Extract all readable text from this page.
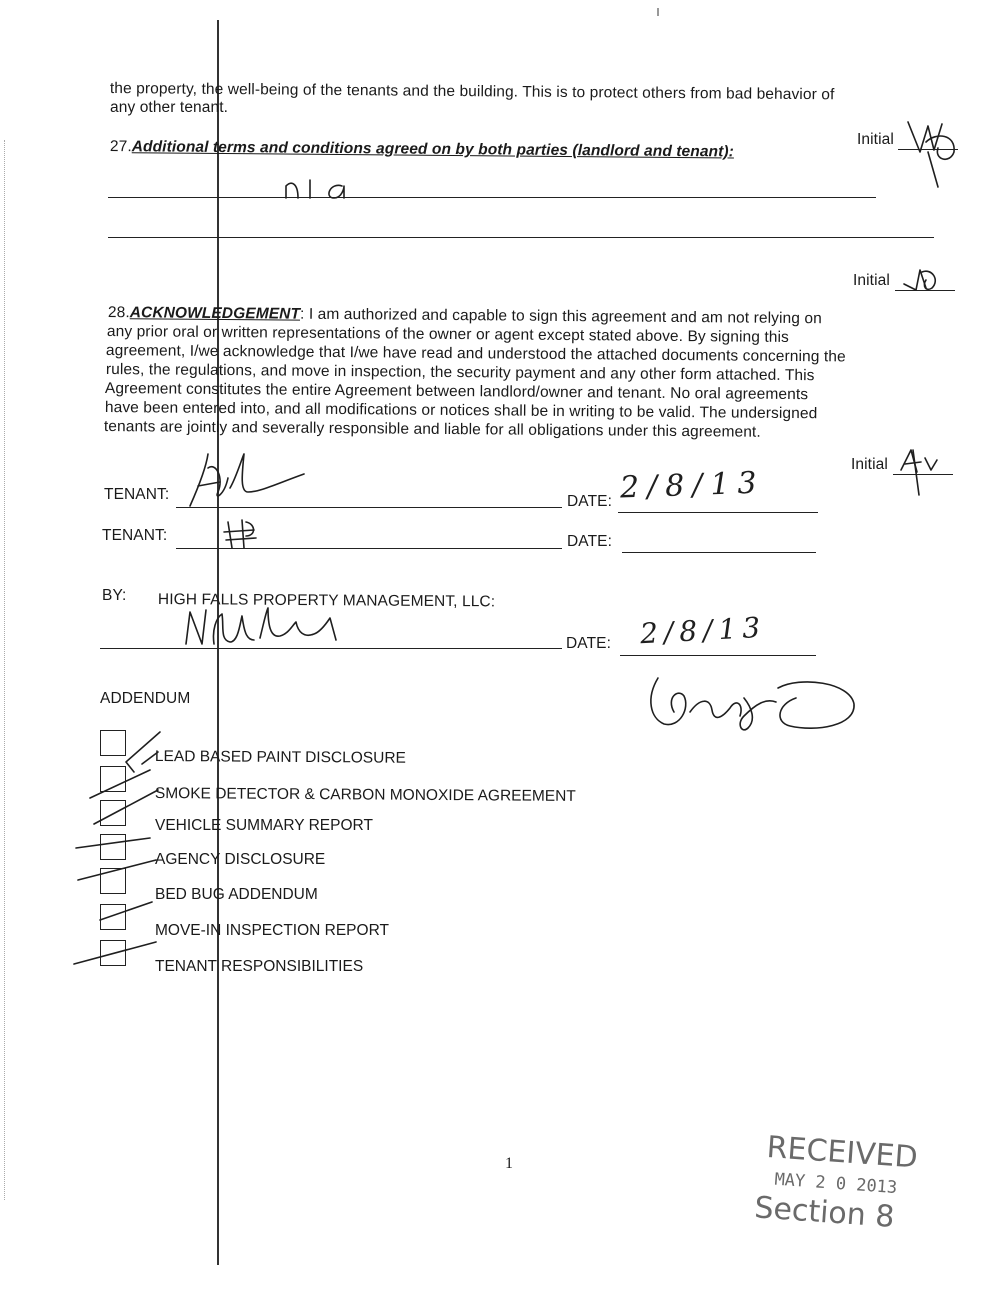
the property, the well-being of the tenants and the building. This is to protect others from bad behavior of
any other tenant.
Initial
27.Additional terms and conditions agreed on by both parties (landlord and tenant):
Initial
28.ACKNOWLEDGEMENT: I am authorized and capable to sign this agreement and am not relying on
any prior oral or written representations of the owner or agent except stated above. By signing this
agreement, I/we acknowledge that I/we have read and understood the attached documents concerning the
rules, the regulations, and move in inspection, the security payment and any other form attached. This
Agreement constitutes the entire Agreement between landlord/owner and tenant. No oral agreements
have been entered into, and all modifications or notices shall be in writing to be valid. The undersigned
tenants are jointly and severally responsible and liable for all obligations under this agreement.
Initial
TENANT:	DATE: 2/8/13
TENANT:	DATE:
BY: HIGH FALLS PROPERTY MANAGEMENT, LLC:
DATE: 2/8/13
ADDENDUM
LEAD BASED PAINT DISCLOSURE
SMOKE DETECTOR & CARBON MONOXIDE AGREEMENT
VEHICLE SUMMARY REPORT
AGENCY DISCLOSURE
BED BUG ADDENDUM
MOVE-IN INSPECTION REPORT
TENANT RESPONSIBILITIES
1	RECEIVED
MAY 2 0 2013
Section 8
